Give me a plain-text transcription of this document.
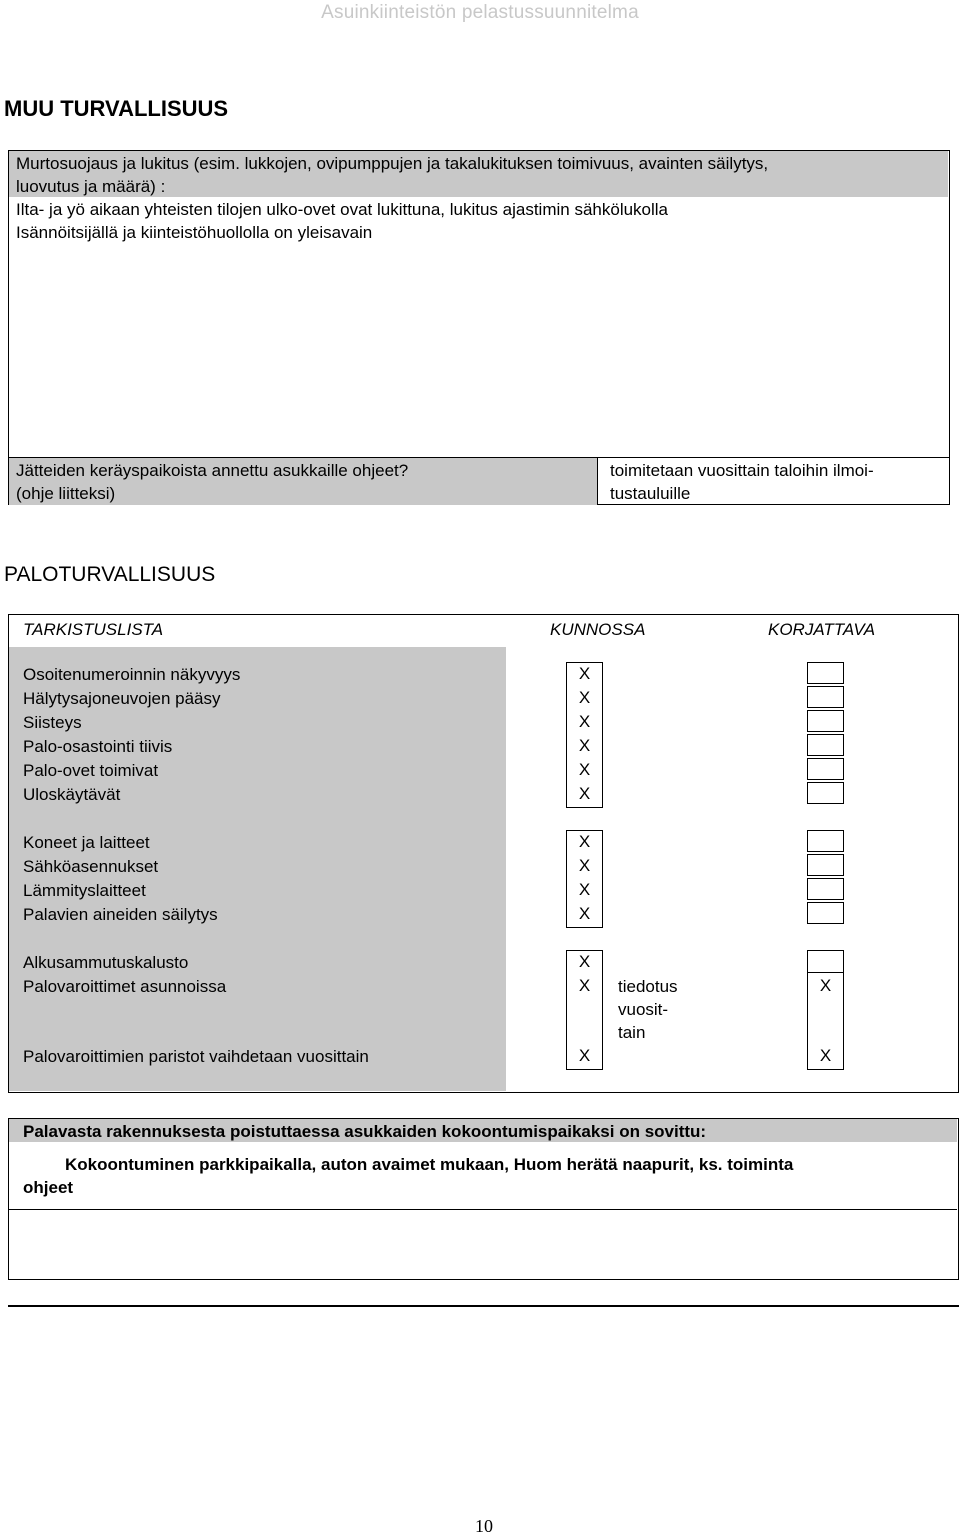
Asuinkiinteistön pelastussuunnitelma
MUU TURVALLISUUS
Murtosuojaus ja lukitus (esim. lukkojen, ovipumppujen ja takalukituksen toimivuus, avainten säilytys,
luovutus ja määrä) :
Ilta- ja yö aikaan yhteisten tilojen ulko-ovet ovat lukittuna, lukitus ajastimin sähkölukolla
Isännöitsijällä ja kiinteistöhuollolla on yleisavain
Jätteiden keräyspaikoista annettu asukkaille ohjeet?
(ohje liitteksi)
toimitetaan vuosittain taloihin ilmoi-
tustauluille
PALOTURVALLISUUS
TARKISTUSLISTA	KUNNOSSA	KORJATTAVA
Osoitenumeroinnin näkyvyys
Hälytysajoneuvojen pääsy
Siisteys
Palo-osastointi tiivis
Palo-ovet toimivat
Uloskäytävät
X
X
X
X
X
X
Koneet ja laitteet
Sähköasennukset
Lämmityslaitteet
Palavien aineiden säilytys
X
X
X
X
Alkusammutuskalusto
Palovaroittimet asunnoissa
Palovaroittimien paristot vaihdetaan vuosittain
X
X
X
tiedotus
vuosit-
tain
X
X
Palavasta rakennuksesta poistuttaessa asukkaiden kokoontumispaikaksi on sovittu:
Kokoontuminen parkkipaikalla, auton avaimet mukaan, Huom herätä naapurit, ks. toiminta
ohjeet
10
